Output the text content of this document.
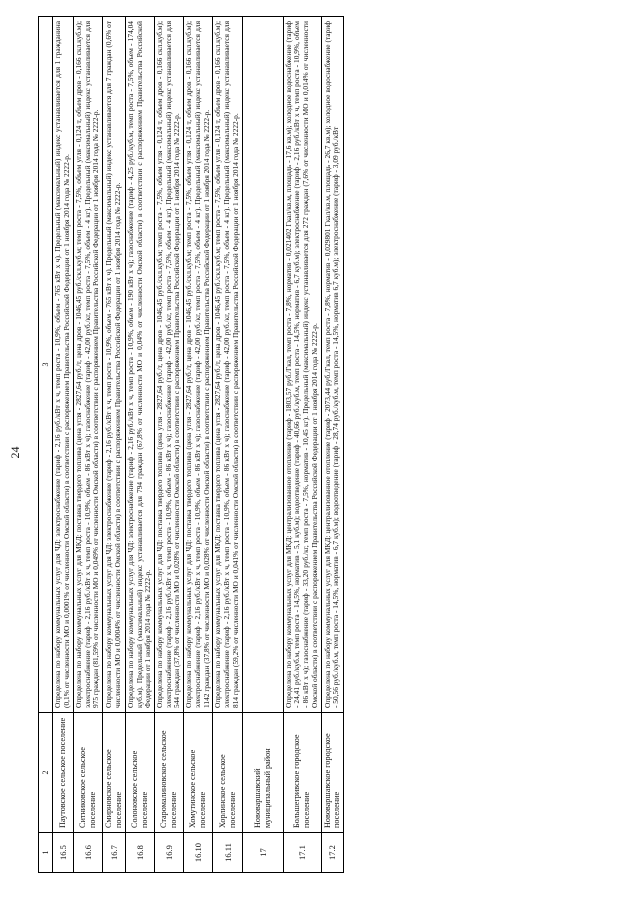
24
1	2	3
16.5	Паутовское сельское поселение	Определена по набору коммунальных услуг для ЧД: электроснабжение (тариф - 2,16 руб./кВт х ч, темп роста - 10,9%, объем - 765 кВт х ч). Предельный (максимальный) индекс устанавливается для 1 гражданина (0,1% от численности МО и 0,0001% от численности Омской области) в соответствии с распоряжением Правительства Российской Федерации от 1 ноября 2014 года № 2222-р.
16.6	Ситниковское сельское поселение	Определена по набору коммунальных услуг для МКД: поставка твердого топлива (цена угля - 2827,64 руб./т, цена дров - 1046,45 руб./скл.куб.м; темп роста - 7,5%, объем угля - 0,124 т, объем дров - 0,166 скл.куб.м); электроснабжение (тариф - 2,16 руб./кВт х ч, темп роста - 10,9%, объем - 86 кВт х ч); газоснабжение (тариф - 42,00 руб./кг, темп роста - 7,5%, объем - 4 кг). Предельный (максимальный) индекс устанавливается для 975 граждан (81,59% от численности МО и 0,049% от численности Омской области) в соответствии с распоряжением Правительства Российской Федерации от 1 ноября 2014 года № 2222-р.
16.7	Смирновское сельское поселение	Определена по набору коммунальных услуг для ЧД: электроснабжение (тариф - 2,16 руб./кВт х ч, темп роста - 10,9%, объем - 765 кВт х ч). Предельный (максимальный) индекс устанавливается для 7 граждан (0,6% от численности МО и 0,0004% от численности Омской области) в соответствии с распоряжением Правительства Российской Федерации от 1 ноября 2014 года № 2222-р.
16.8	Солоновское сельское поселение	Определена по набору коммунальных услуг для ЧД: электроснабжение (тариф - 2,16 руб./кВт х ч, темп роста - 10,9%, объем - 190 кВт х ч); газоснабжение (тариф - 4,25 руб./куб.м, темп роста - 7,5%, объем - 174,04 куб.м). Предельный (максимальный) индекс устанавливается для 794 граждан (67,8% от численности МО и 0,04% от численности Омской области) в соответствии с распоряжением Правительства Российской Федерации от 1 ноября 2014 года № 2222-р.
16.9	Старомалиновское сельское поселение	Определена по набору коммунальных услуг для ЧД: поставка твердого топлива (цена угля - 2827,64 руб./т, цена дров - 1046,45 руб./скл.куб.м; темп роста - 7,5%, объем угля - 0,124 т, объем дров - 0,166 скл.куб.м); электроснабжение (тариф - 2,16 руб./кВт х ч, темп роста - 10,9%, объем - 86 кВт х ч); газоснабжение (тариф - 42,00 руб./кг, темп роста - 7,5%, объем - 4 кг). Предельный (максимальный) индекс устанавливается для 544 граждан (37,8% от численности МО и 0,028% от численности Омской области) в соответствии с распоряжением Правительства Российской Федерации от 1 ноября 2014 года № 2222-р.
16.10	Хомутинское сельское поселение	Определена по набору коммунальных услуг для ЧД: поставка твердого топлива (цена угля - 2827,64 руб./т, цена дров - 1046,45 руб./скл.куб.м; темп роста - 7,5%, объем угля - 0,124 т, объем дров - 0,166 скл.куб.м); электроснабжение (тариф - 2,16 руб./кВт х ч, темп роста - 10,9%, объем - 86 кВт х ч); газоснабжение (тариф - 42,00 руб./кг, темп роста - 7,5%, объем - 4 кг). Предельный (максимальный) индекс устанавливается для 1142 граждан (37,8% от численности МО и 0,028% от численности Омской области) в соответствии с распоряжением Правительства Российской Федерации от 1 ноября 2014 года № 2222-р.
16.11	Хорлинское сельское поселение	Определена по набору коммунальных услуг для МКД: поставка твердого топлива (цена угля - 2827,64 руб./т, цена дров - 1046,45 руб./скл.куб.м; темп роста - 7,5%, объем угля - 0,124 т, объем дров - 0,166 скл.куб.м); электроснабжение (тариф - 2,16 руб./кВт х ч, темп роста - 10,9%, объем - 86 кВт х ч); газоснабжение (тариф - 42,00 руб./кг, темп роста - 7,5%, объем - 4 кг). Предельный (максимальный) индекс устанавливается для 814 граждан (59,2% от численности МО и 0,041% от численности Омской области) в соответствии с распоряжением Правительства Российской Федерации от 1 ноября 2014 года № 2222-р.
17	Нововаршавский муниципальный район	
17.1	Большегривское городское поселение	Определена по набору коммунальных услуг для МКД: централизованное отопление (тариф - 1803,57 руб./Гкал, темп роста - 7,8%, норматив - 0,021402 Гкал/кв.м, площадь - 17,6 кв.м); холодное водоснабжение (тариф - 24,41 руб./куб.м, темп роста - 14,5%, норматив - 5,1 куб.м); водоотведение (тариф - 40,66 руб./куб.м, темп роста - 14,5%, норматив - 6,7 куб.м); электроснабжение (тариф - 2,16 руб./кВт х ч, темп роста - 10,9%, объем - 86 кВт х ч); газоснабжение (тариф - 33,20 руб./кг, темп роста - 7,5%, норматив - 10,45 кг). Предельный (максимальный) индекс устанавливается для 272 граждан (7,6% от численности МО и 0,014% от численности Омской области) в соответствии с распоряжением Правительства Российской Федерации от 1 ноября 2014 года № 2222-р.
17.2	Нововаршавское городское поселение	Определена по набору коммунальных услуг для МКД: централизованное отопление (тариф - 2073,44 руб./Гкал, темп роста - 7,8%, норматив - 0,029801 Гкал/кв.м, площадь - 26,7 кв.м); холодное водоснабжение (тариф - 50,56 руб./куб.м, темп роста - 14,5%, норматив - 6,7 куб.м); водоотведение (тариф - 28,74 руб./куб.м, темп роста - 14,5%, норматив 6,7 куб.м); электроснабжение (тариф - 3,09 руб./кВт
